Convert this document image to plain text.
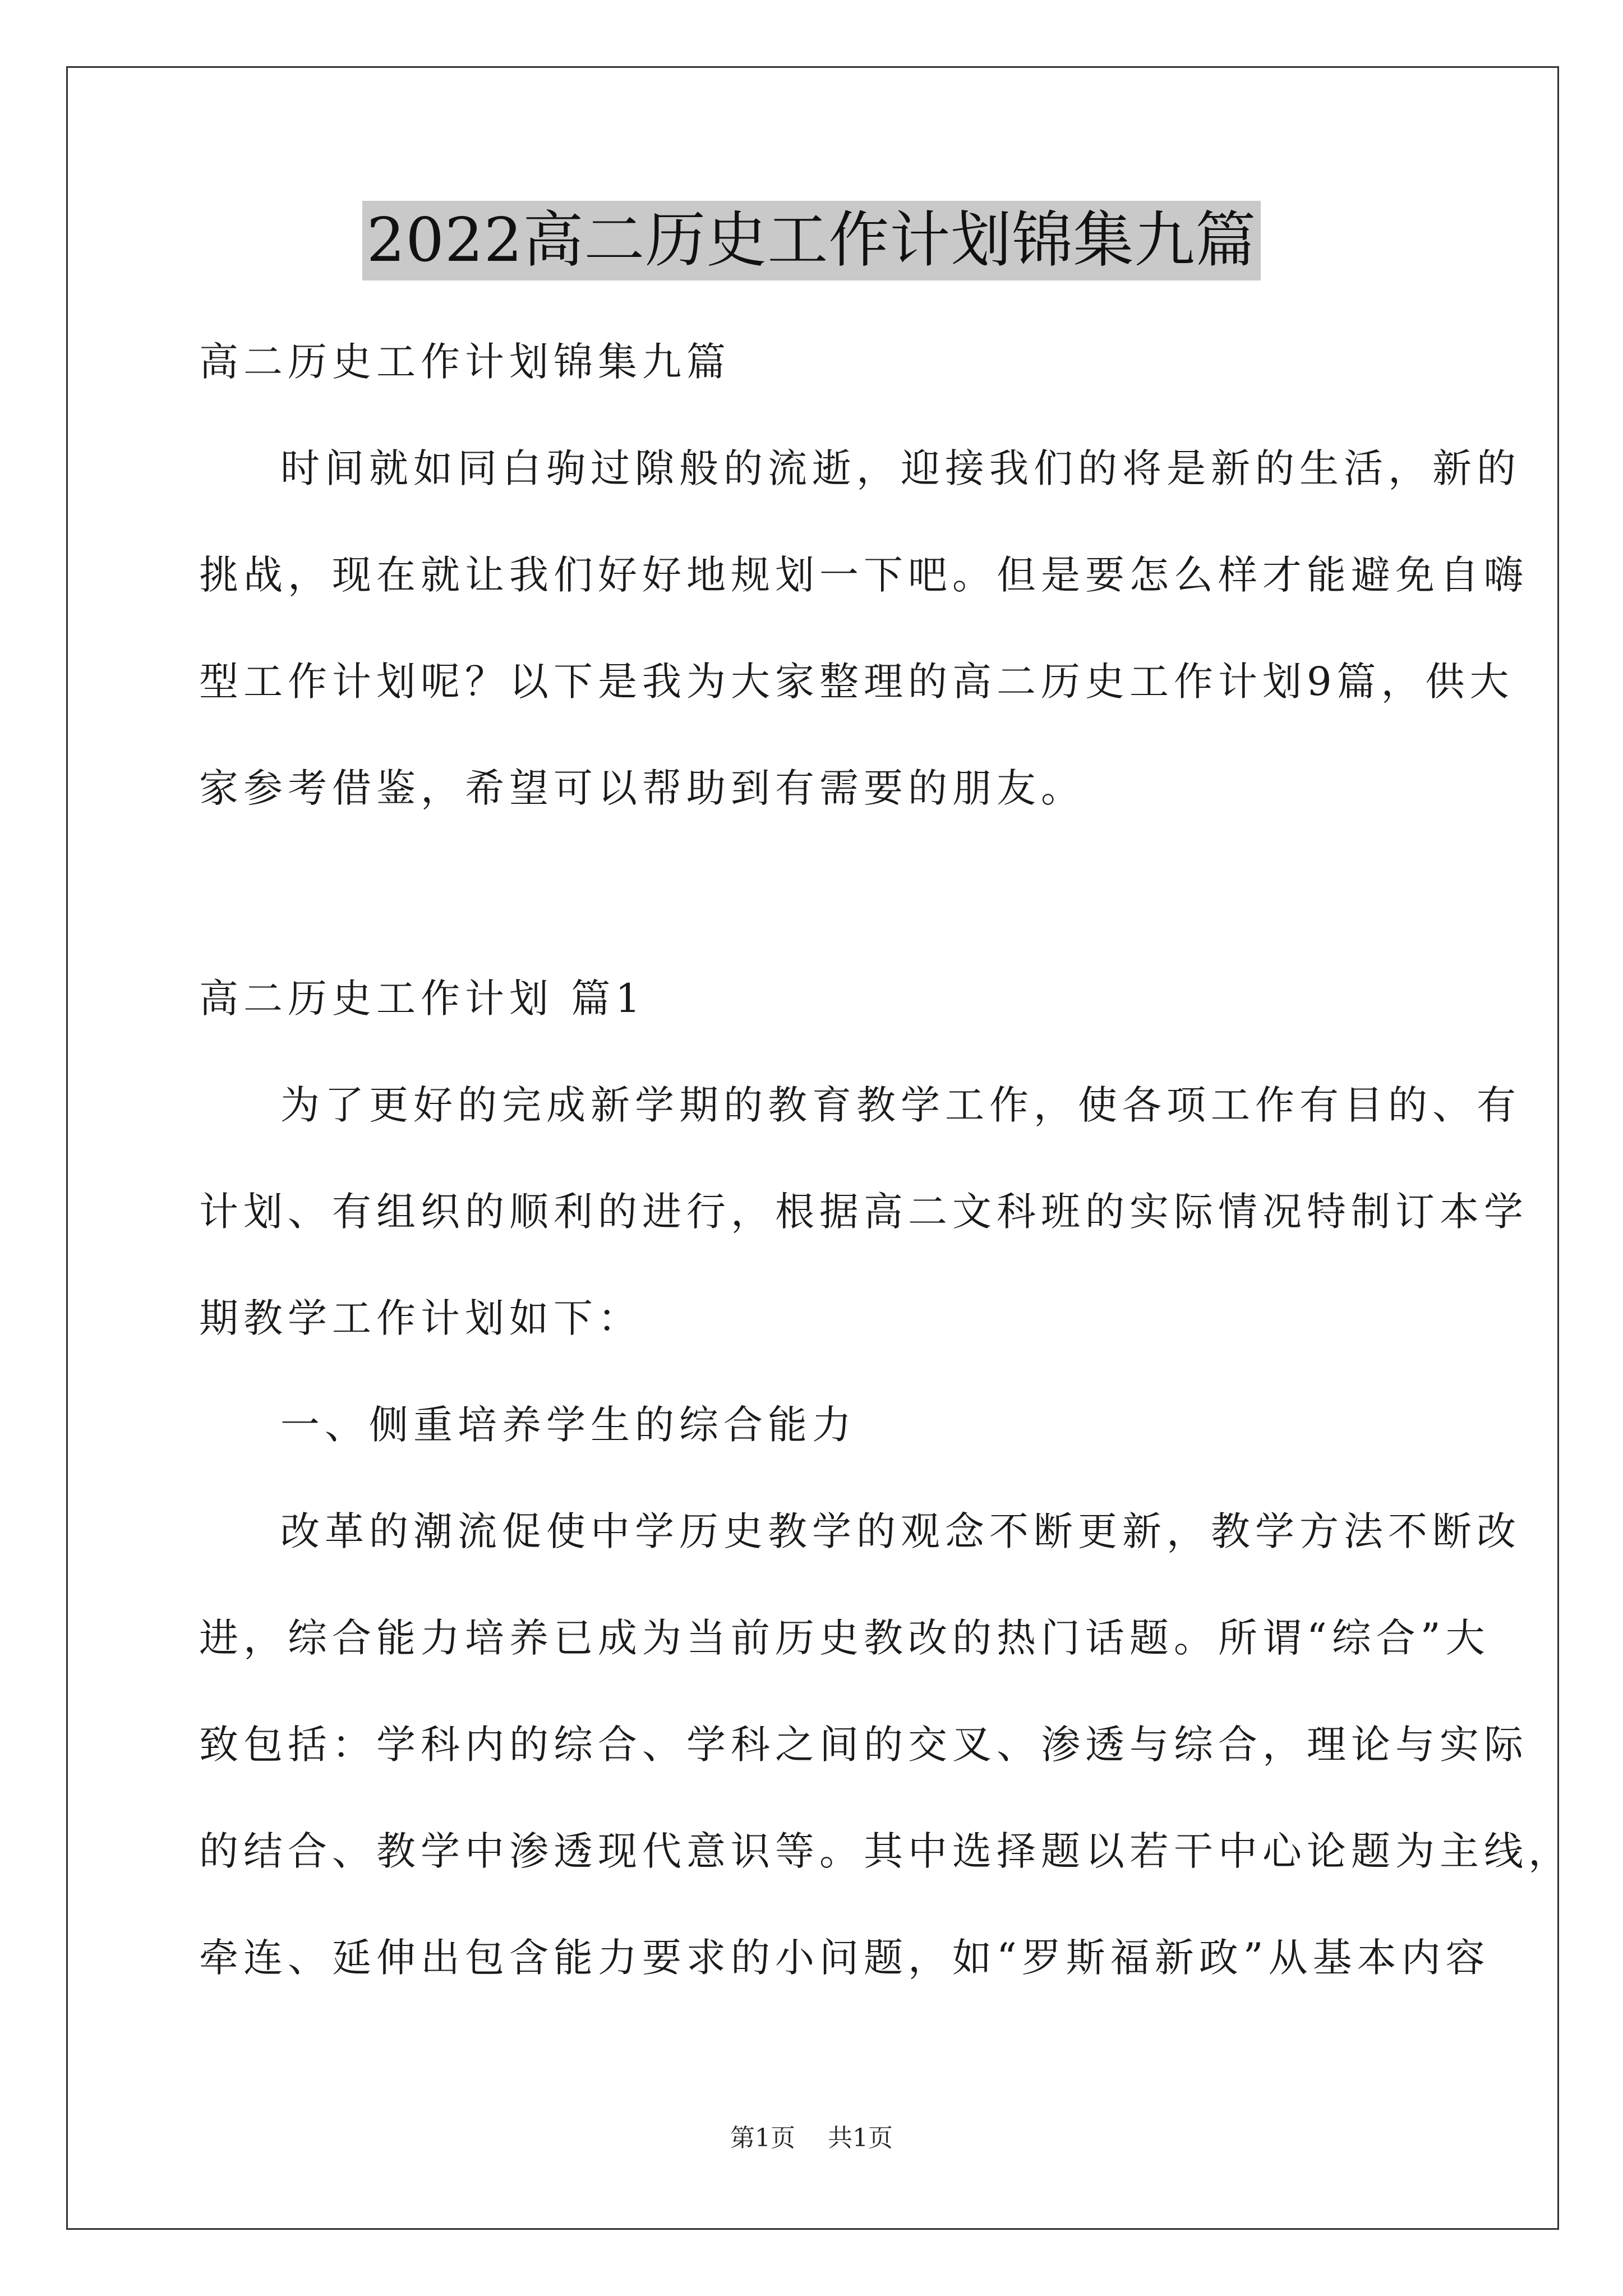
2022高二历史工作计划锦集九篇
高二历史工作计划锦集九篇
时间就如同白驹过隙般的流逝，迎接我们的将是新的生活，新的
挑战，现在就让我们好好地规划一下吧。但是要怎么样才能避免自嗨
型工作计划呢？以下是我为大家整理的高二历史工作计划9篇，供大
家参考借鉴，希望可以帮助到有需要的朋友。
高二历史工作计划 篇1
为了更好的完成新学期的教育教学工作，使各项工作有目的、有
计划、有组织的顺利的进行，根据高二文科班的实际情况特制订本学
期教学工作计划如下：
一、侧重培养学生的综合能力
改革的潮流促使中学历史教学的观念不断更新，教学方法不断改
进，综合能力培养已成为当前历史教改的热门话题。所谓“综合”大
致包括：学科内的综合、学科之间的交叉、渗透与综合，理论与实际
的结合、教学中渗透现代意识等。其中选择题以若干中心论题为主线，
牵连、延伸出包含能力要求的小问题，如“罗斯福新政”从基本内容
第1页 共1页
